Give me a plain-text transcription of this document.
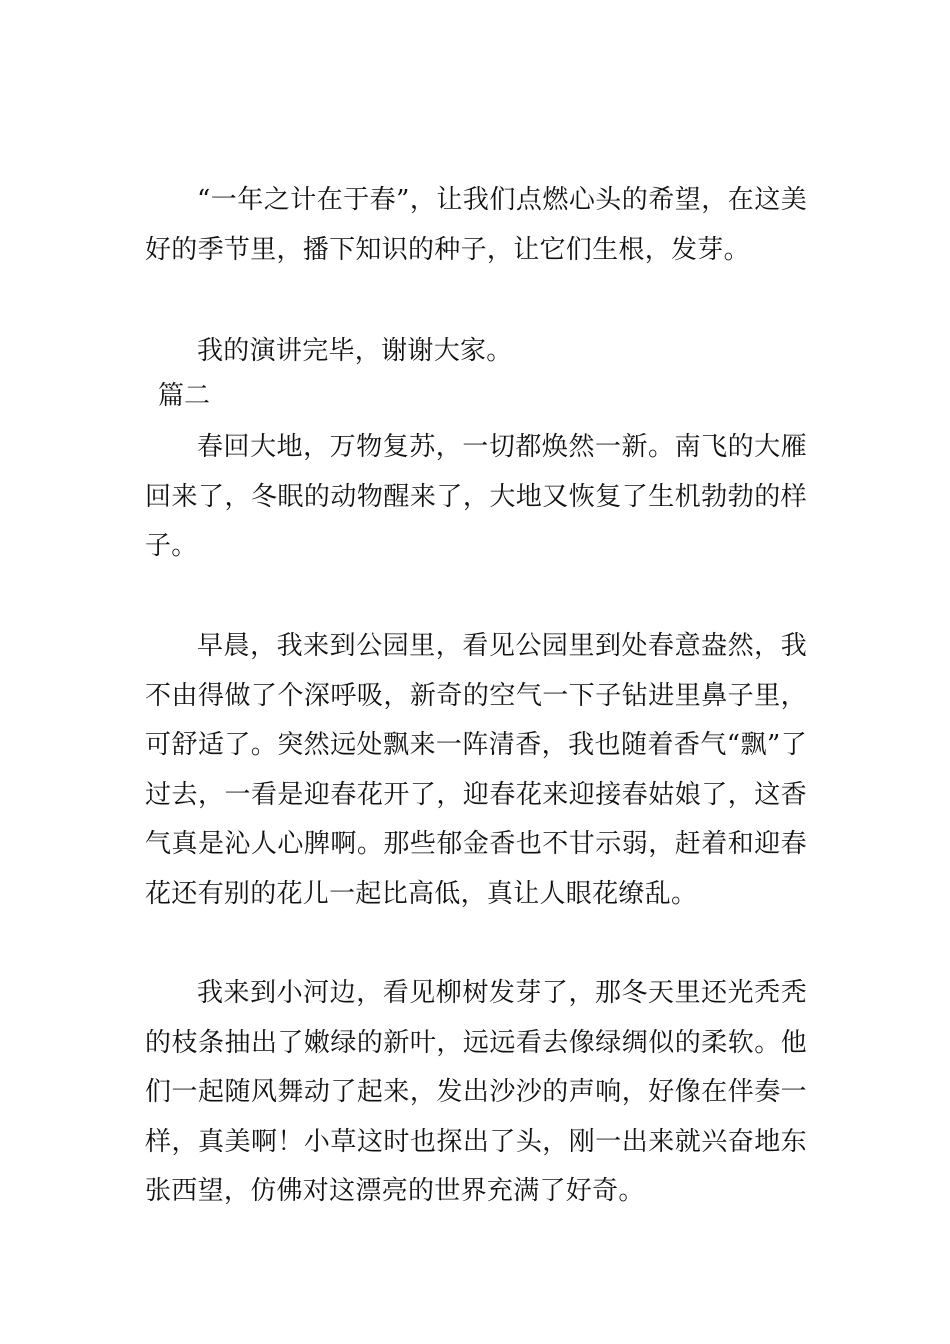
“一年之计在于春”，让我们点燃心头的希望，在这美好的季节里，播下知识的种子，让它们生根，发芽。

我的演讲完毕，谢谢大家。

篇二

春回大地，万物复苏，一切都焕然一新。南飞的大雁回来了，冬眠的动物醒来了，大地又恢复了生机勃勃的样子。

早晨，我来到公园里，看见公园里到处春意盎然，我不由得做了个深呼吸，新奇的空气一下子钻进里鼻子里，可舒适了。突然远处飘来一阵清香，我也随着香气“飘”了过去，一看是迎春花开了，迎春花来迎接春姑娘了，这香气真是沁人心脾啊。那些郁金香也不甘示弱，赶着和迎春花还有别的花儿一起比高低，真让人眼花缭乱。

我来到小河边，看见柳树发芽了，那冬天里还光秃秃的枝条抽出了嫩绿的新叶，远远看去像绿绸似的柔软。他们一起随风舞动了起来，发出沙沙的声响，好像在伴奏一样，真美啊！小草这时也探出了头，刚一出来就兴奋地东张西望，仿佛对这漂亮的世界充满了好奇。
